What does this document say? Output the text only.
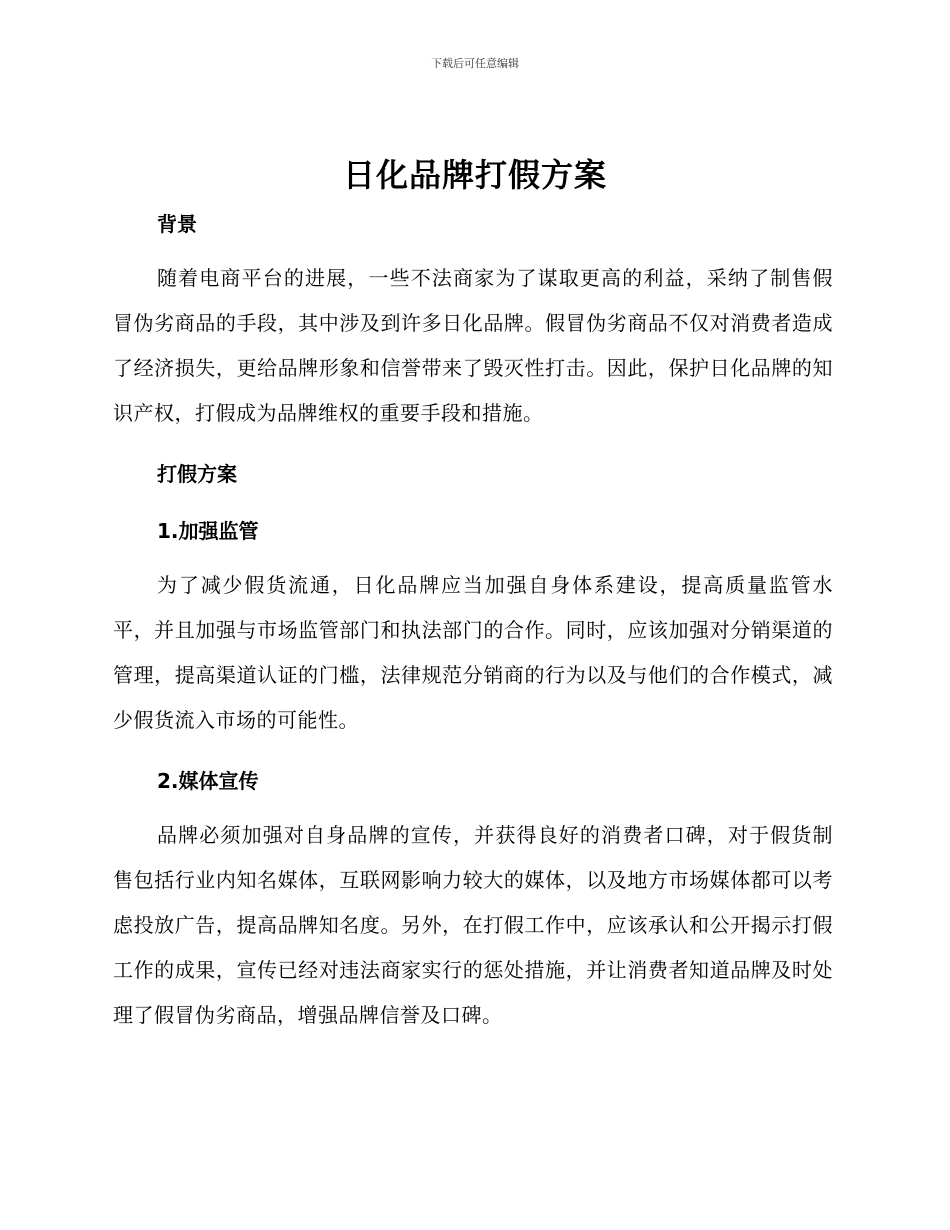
下载后可任意编辑
日化品牌打假方案
背景

随着电商平台的进展，一些不法商家为了谋取更高的利益，采纳了制售假冒伪劣商品的手段，其中涉及到许多日化品牌。假冒伪劣商品不仅对消费者造成了经济损失，更给品牌形象和信誉带来了毁灭性打击。因此，保护日化品牌的知识产权，打假成为品牌维权的重要手段和措施。

打假方案
1.加强监管

为了减少假货流通，日化品牌应当加强自身体系建设，提高质量监管水平，并且加强与市场监管部门和执法部门的合作。同时，应该加强对分销渠道的管理，提高渠道认证的门槛，法律规范分销商的行为以及与他们的合作模式，减少假货流入市场的可能性。

2.媒体宣传

品牌必须加强对自身品牌的宣传，并获得良好的消费者口碑，对于假货制售包括行业内知名媒体，互联网影响力较大的媒体，以及地方市场媒体都可以考虑投放广告，提高品牌知名度。另外，在打假工作中，应该承认和公开揭示打假工作的成果，宣传已经对违法商家实行的惩处措施，并让消费者知道品牌及时处理了假冒伪劣商品，增强品牌信誉及口碑。
